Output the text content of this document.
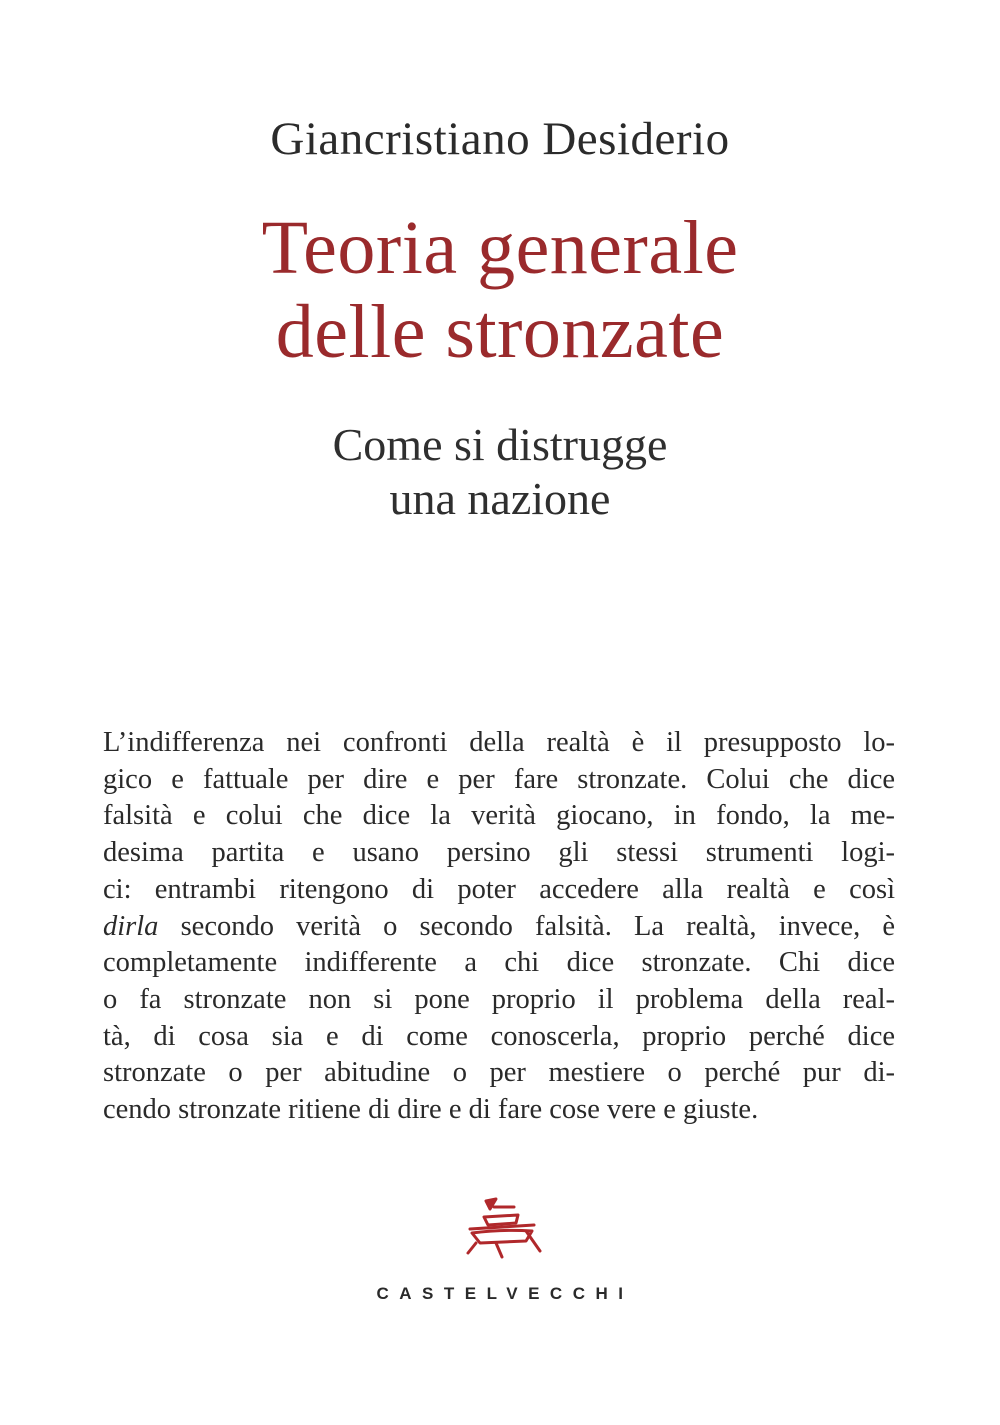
Giancristiano Desiderio
Teoria generale
delle stronzate
Come si distrugge
una nazione
L’indifferenza nei confronti della realtà è il presupposto lo-
gico e fattuale per dire e per fare stronzate. Colui che dice
falsità e colui che dice la verità giocano, in fondo, la me-
desima partita e usano persino gli stessi strumenti logi-
ci: entrambi ritengono di poter accedere alla realtà e così
dirla secondo verità o secondo falsità. La realtà, invece, è
completamente indifferente a chi dice stronzate. Chi dice
o fa stronzate non si pone proprio il problema della real-
tà, di cosa sia e di come conoscerla, proprio perché dice
stronzate o per abitudine o per mestiere o perché pur di-
cendo stronzate ritiene di dire e di fare cose vere e giuste.
CASTELVECCHI
